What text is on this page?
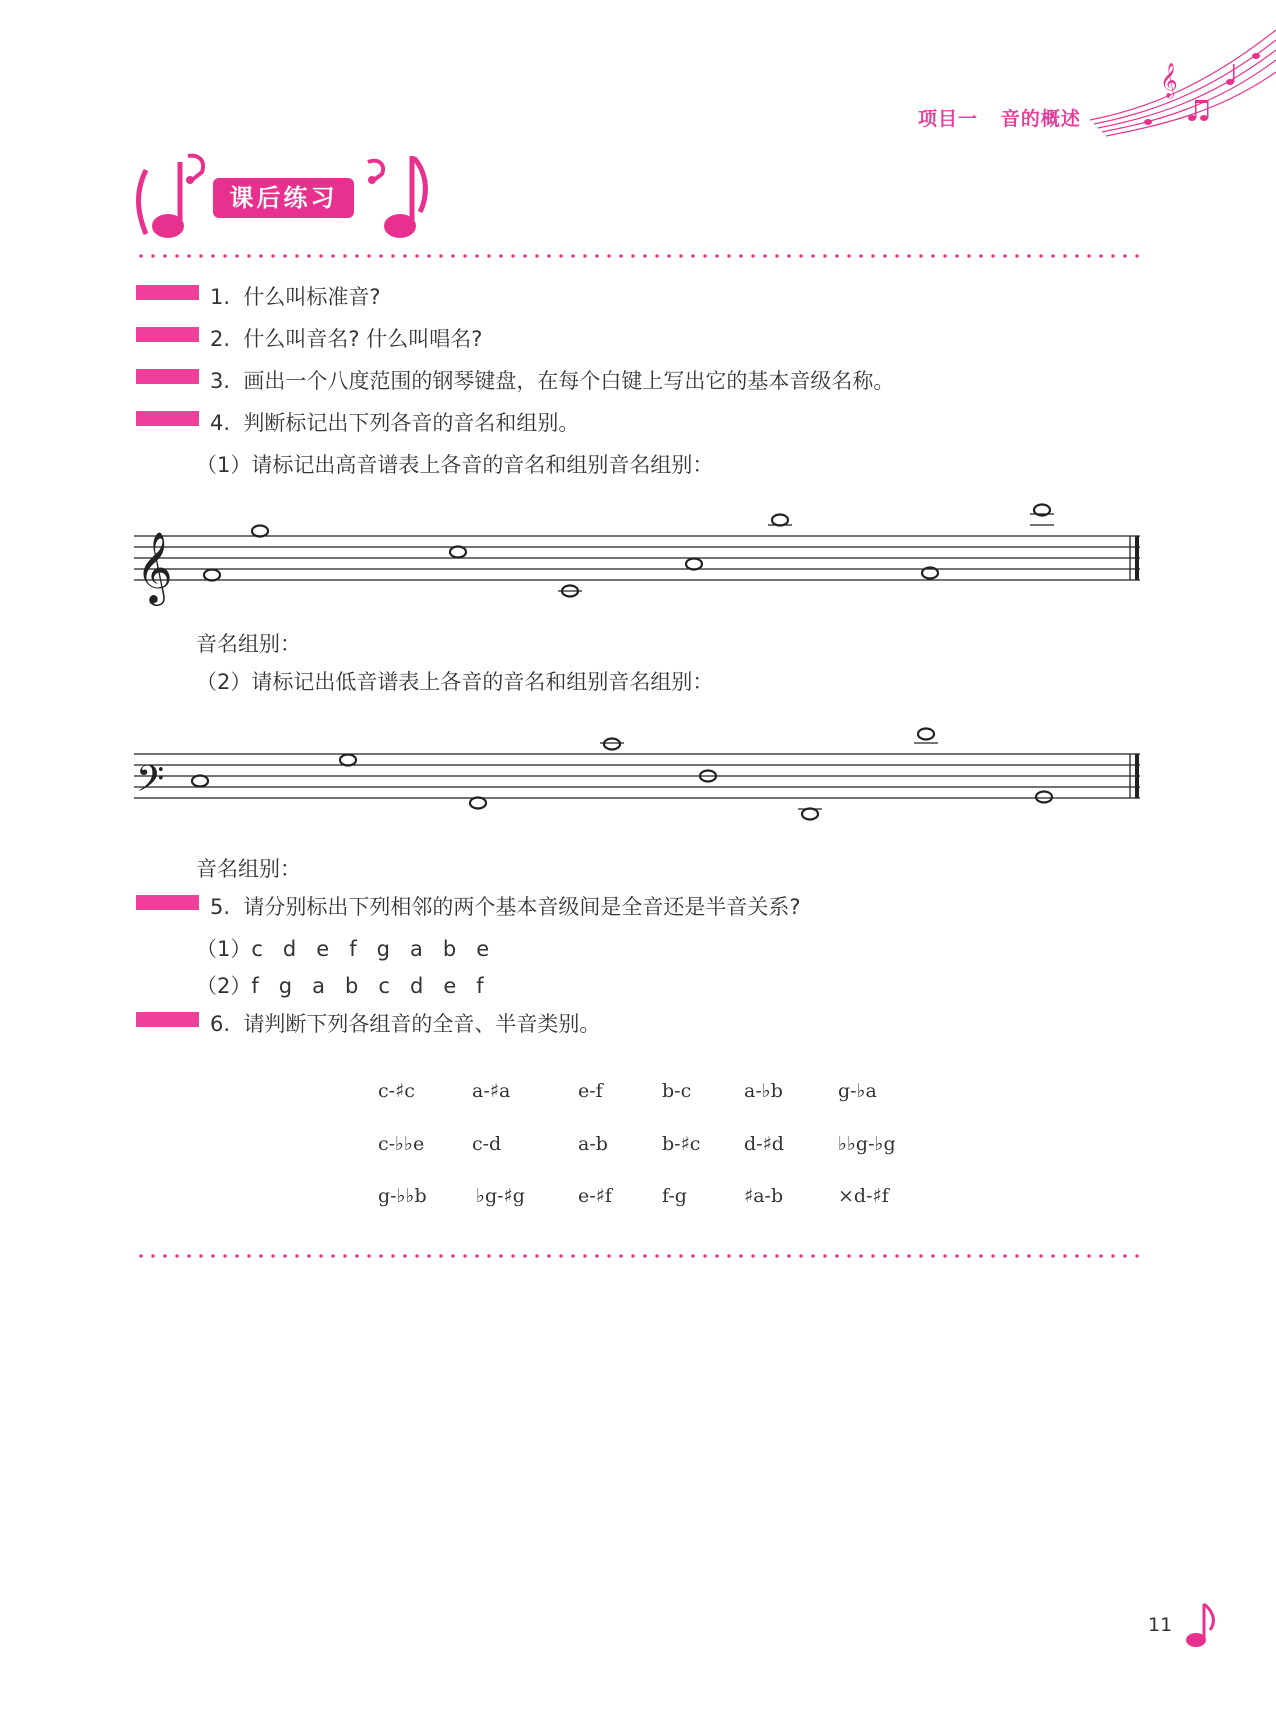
项目一 音的概述
𝄞
课后练习
1. 什么叫标准音?
2. 什么叫音名? 什么叫唱名?
3. 画出一个八度范围的钢琴键盘，在每个白键上写出它的基本音级名称。
4. 判断标记出下列各音的音名和组别。
（1）请标记出高音谱表上各音的音名和组别音名组别：
𝄞
音名组别：
（2）请标记出低音谱表上各音的音名和组别音名组别：
𝄢
音名组别：
5. 请分别标出下列相邻的两个基本音级间是全音还是半音关系?
（1）c   d   e   f   g   a   b   e
（2）f   g   a   b   c   d   e   f
6. 请判断下列各组音的全音、半音类别。
c-♯c	a-♯a	e-f	b-c	a-♭b	g-♭a
c-♭♭e	c-d	a-b	b-♯c d-♯d	♭♭g-♭g
g-♭♭b	♭g-♯g	e-♯f	f-g	♯a-b	×d-♯f
11
